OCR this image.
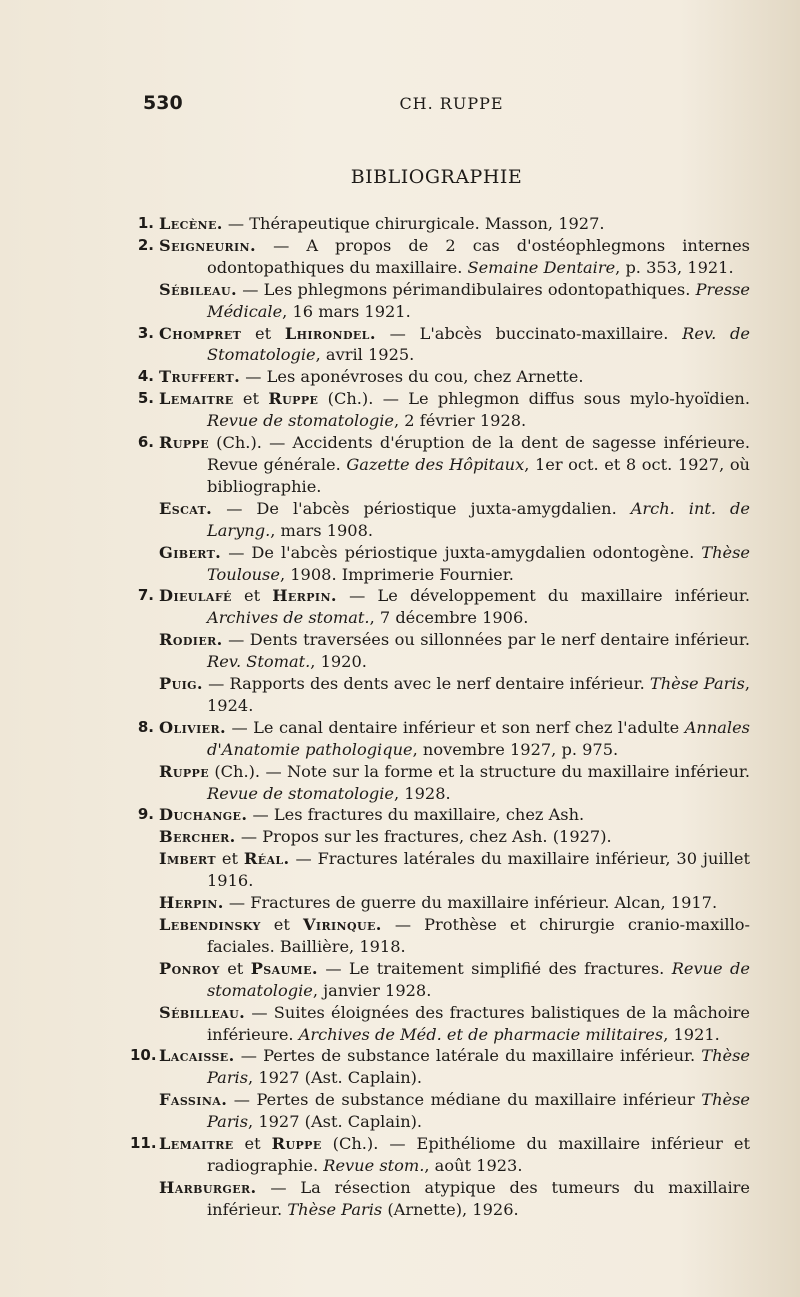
530	CH. RUPPE
BIBLIOGRAPHIE

1. Lecène. — Thérapeutique chirurgicale. Masson, 1927.

2. Seigneurin. — A propos de 2 cas d'ostéophlegmons internes odontopathiques du maxillaire. Semaine Dentaire, p. 353, 1921.

Sébileau. — Les phlegmons périmandibulaires odontopathiques. Presse Médicale, 16 mars 1921.

3. Chompret et Lhirondel. — L'abcès buccinato-maxillaire. Rev. de Stomatologie, avril 1925.

4. Truffert. — Les aponévroses du cou, chez Arnette.

5. Lemaitre et Ruppe (Ch.). — Le phlegmon diffus sous mylo-hyoïdien. Revue de stomatologie, 2 février 1928.

6. Ruppe (Ch.). — Accidents d'éruption de la dent de sagesse inférieure. Revue générale. Gazette des Hôpitaux, 1er oct. et 8 oct. 1927, où bibliographie.

Escat. — De l'abcès périostique juxta-amygdalien. Arch. int. de Laryng., mars 1908.

Gibert. — De l'abcès périostique juxta-amygdalien odontogène. Thèse Toulouse, 1908. Imprimerie Fournier.

7. Dieulafé et Herpin. — Le développement du maxillaire inférieur. Archives de stomat., 7 décembre 1906.

Rodier. — Dents traversées ou sillonnées par le nerf dentaire inférieur. Rev. Stomat., 1920.

Puig. — Rapports des dents avec le nerf dentaire inférieur. Thèse Paris, 1924.

8. Olivier. — Le canal dentaire inférieur et son nerf chez l'adulte Annales d'Anatomie pathologique, novembre 1927, p. 975.

Ruppe (Ch.). — Note sur la forme et la structure du maxillaire inférieur. Revue de stomatologie, 1928.

9. Duchange. — Les fractures du maxillaire, chez Ash.

Bercher. — Propos sur les fractures, chez Ash. (1927).

Imbert et Réal. — Fractures latérales du maxillaire inférieur, 30 juillet 1916.

Herpin. — Fractures de guerre du maxillaire inférieur. Alcan, 1917.

Lebendinsky et Virinque. — Prothèse et chirurgie cranio-maxillo-faciales. Baillière, 1918.

Ponroy et Psaume. — Le traitement simplifié des fractures. Revue de stomatologie, janvier 1928.

Sébilleau. — Suites éloignées des fractures balistiques de la mâchoire inférieure. Archives de Méd. et de pharmacie militaires, 1921.

10. Lacaisse. — Pertes de substance latérale du maxillaire inférieur. Thèse Paris, 1927 (Ast. Caplain).

Fassina. — Pertes de substance médiane du maxillaire inférieur Thèse Paris, 1927 (Ast. Caplain).

11. Lemaitre et Ruppe (Ch.). — Epithéliome du maxillaire inférieur et radiographie. Revue stom., août 1923.

Harburger. — La résection atypique des tumeurs du maxillaire inférieur. Thèse Paris (Arnette), 1926.
